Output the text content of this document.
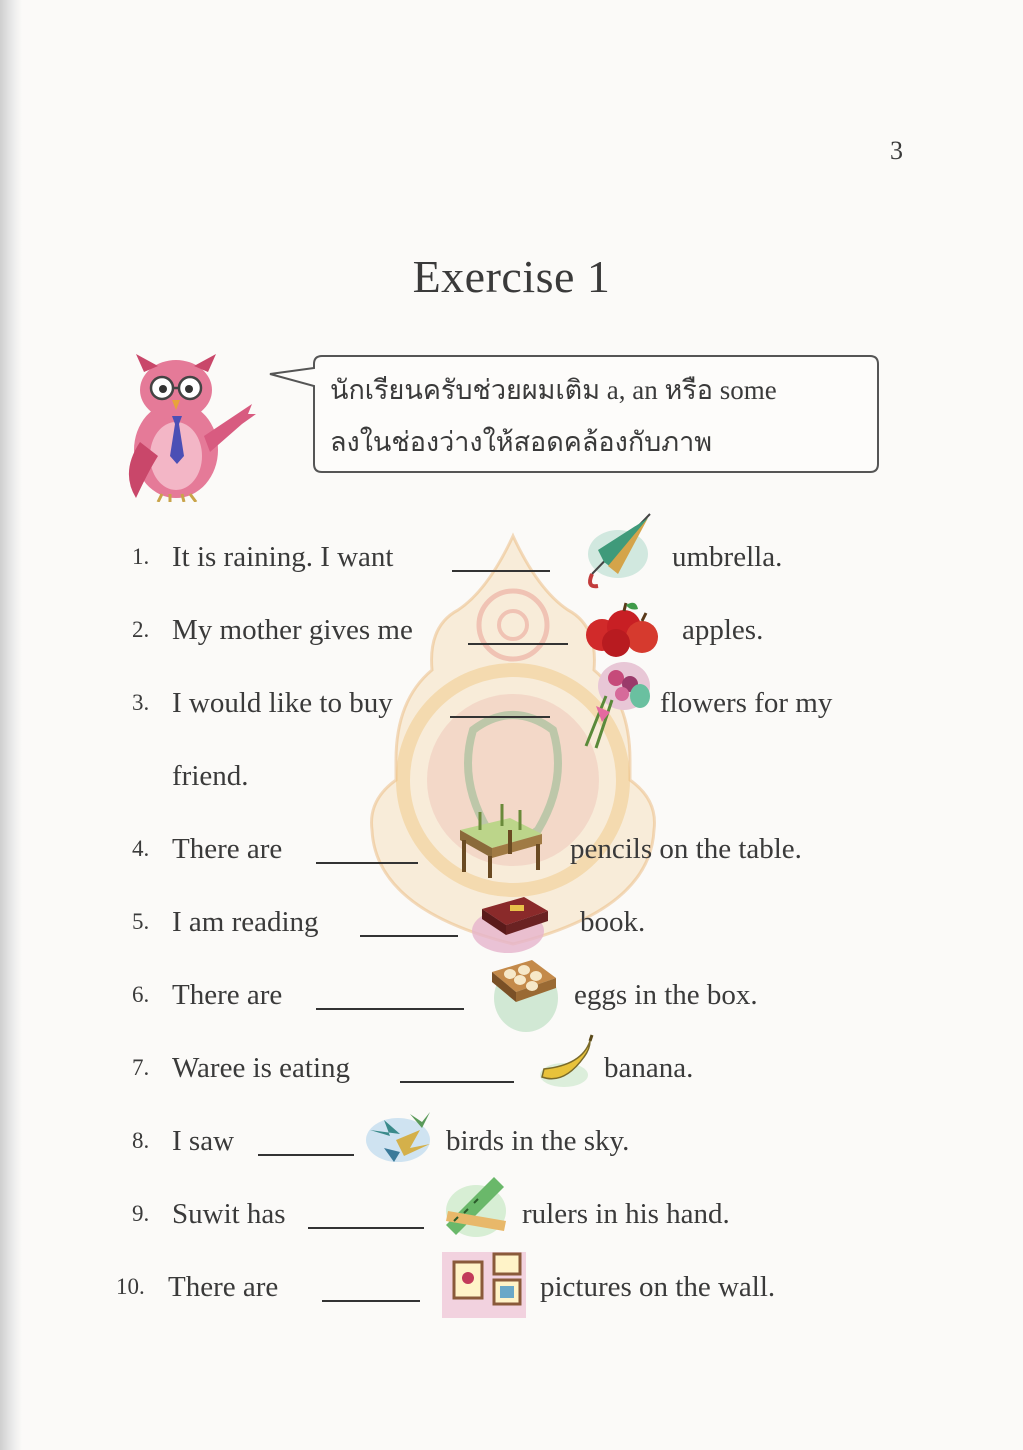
3
Exercise 1
นักเรียนครับช่วยผมเติม a, an หรือ some
ลงในช่องว่างให้สอดคล้องกับภาพ
1. It is raining. I want	umbrella.
2. My mother gives me	apples.
3. I would like to buy	flowers for my
friend.
4. There are	pencils on the table.
5. I am reading	book.
6. There are	eggs in the box.
7. Waree is eating	banana.
8. I saw	birds in the sky.
9. Suwit has	rulers in his hand.
10. There are	pictures on the wall.
